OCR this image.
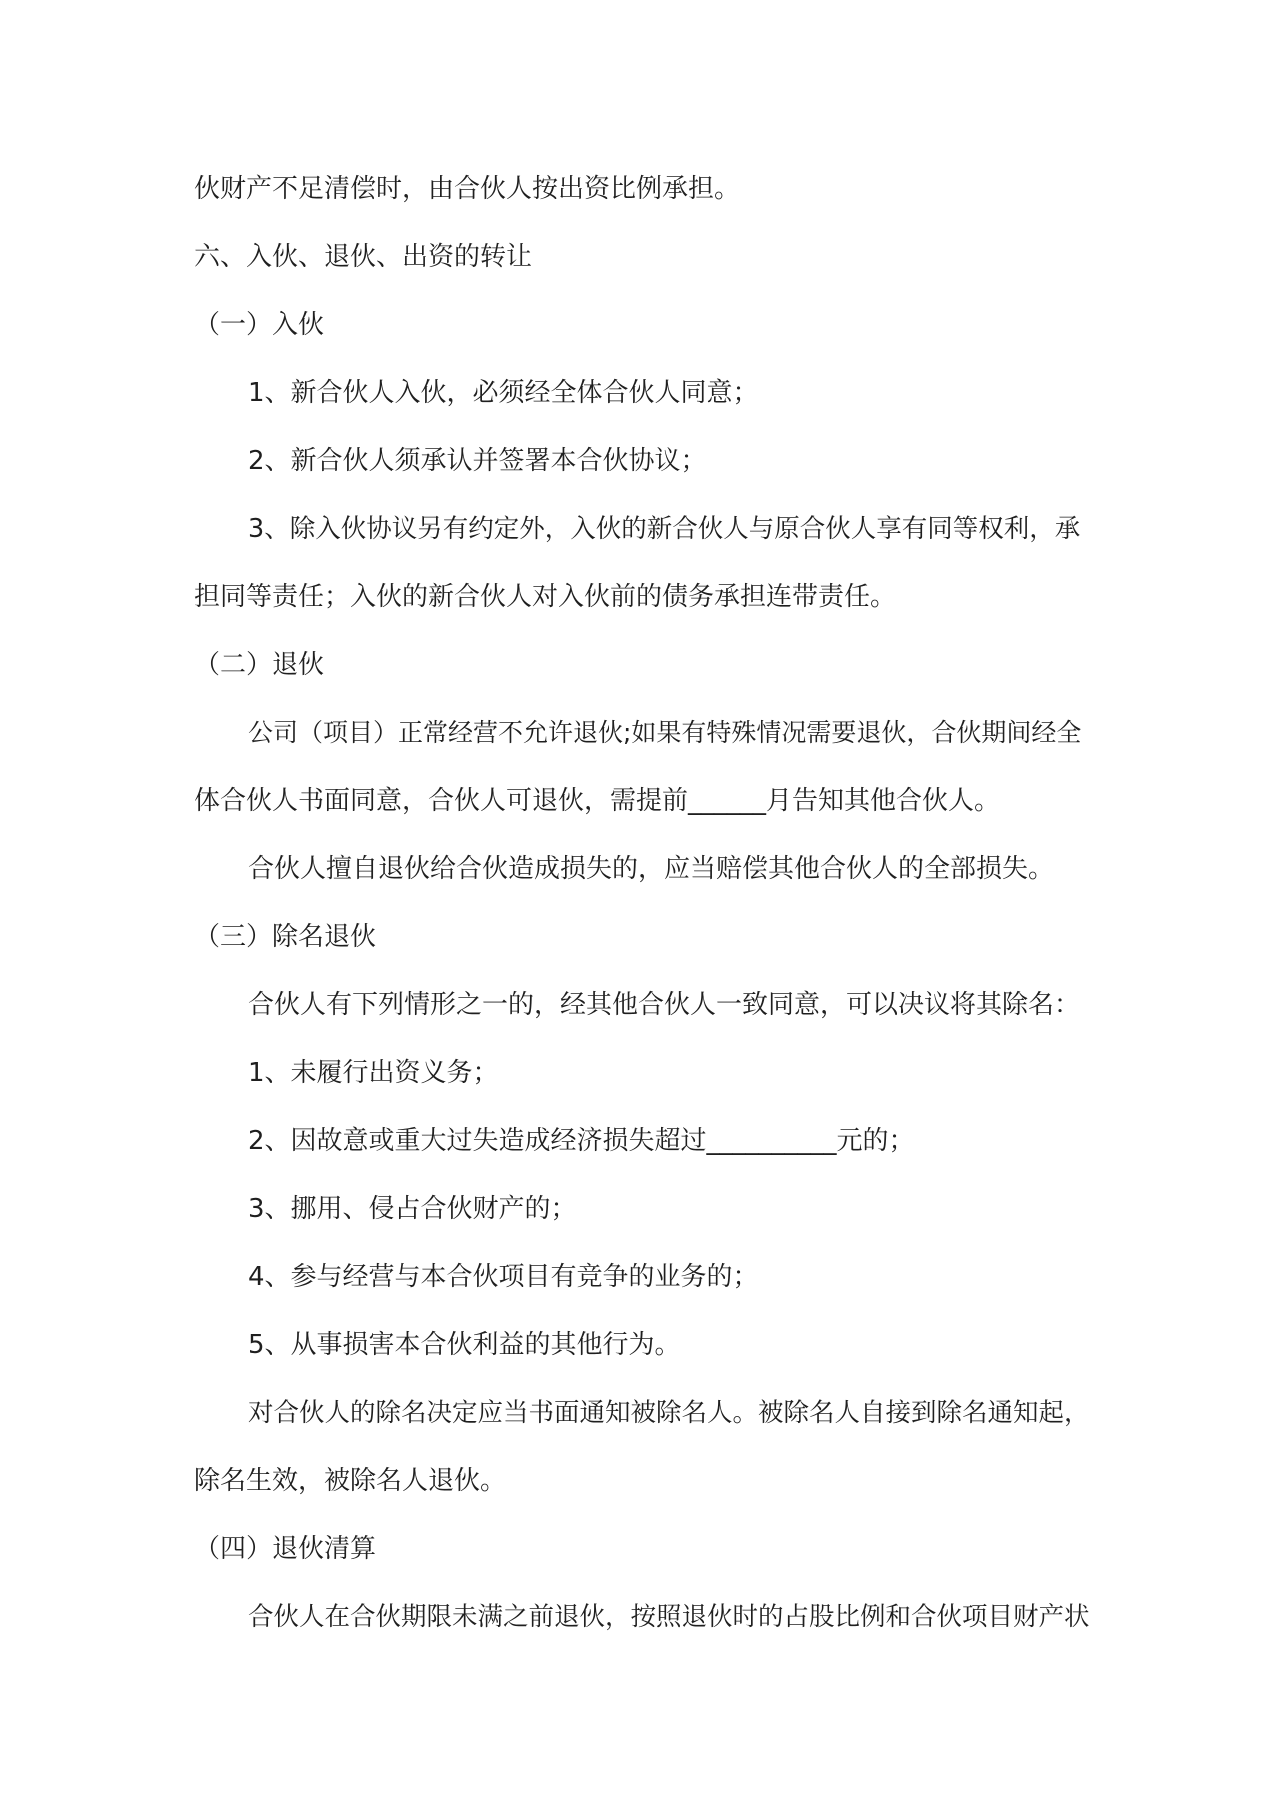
伙财产不足清偿时，由合伙人按出资比例承担。
六、入伙、退伙、出资的转让
（一）入伙
1、新合伙人入伙，必须经全体合伙人同意；
2、新合伙人须承认并签署本合伙协议；
3、除入伙协议另有约定外，入伙的新合伙人与原合伙人享有同等权利，承
担同等责任；入伙的新合伙人对入伙前的债务承担连带责任。
（二）退伙
公司（项目）正常经营不允许退伙;如果有特殊情况需要退伙，合伙期间经全
体合伙人书面同意，合伙人可退伙，需提前______月告知其他合伙人。
合伙人擅自退伙给合伙造成损失的，应当赔偿其他合伙人的全部损失。
（三）除名退伙
合伙人有下列情形之一的，经其他合伙人一致同意，可以决议将其除名：
1、未履行出资义务；
2、因故意或重大过失造成经济损失超过__________元的；
3、挪用、侵占合伙财产的；
4、参与经营与本合伙项目有竞争的业务的；
5、从事损害本合伙利益的其他行为。
对合伙人的除名决定应当书面通知被除名人。被除名人自接到除名通知起，
除名生效，被除名人退伙。
（四）退伙清算
合伙人在合伙期限未满之前退伙，按照退伙时的占股比例和合伙项目财产状
